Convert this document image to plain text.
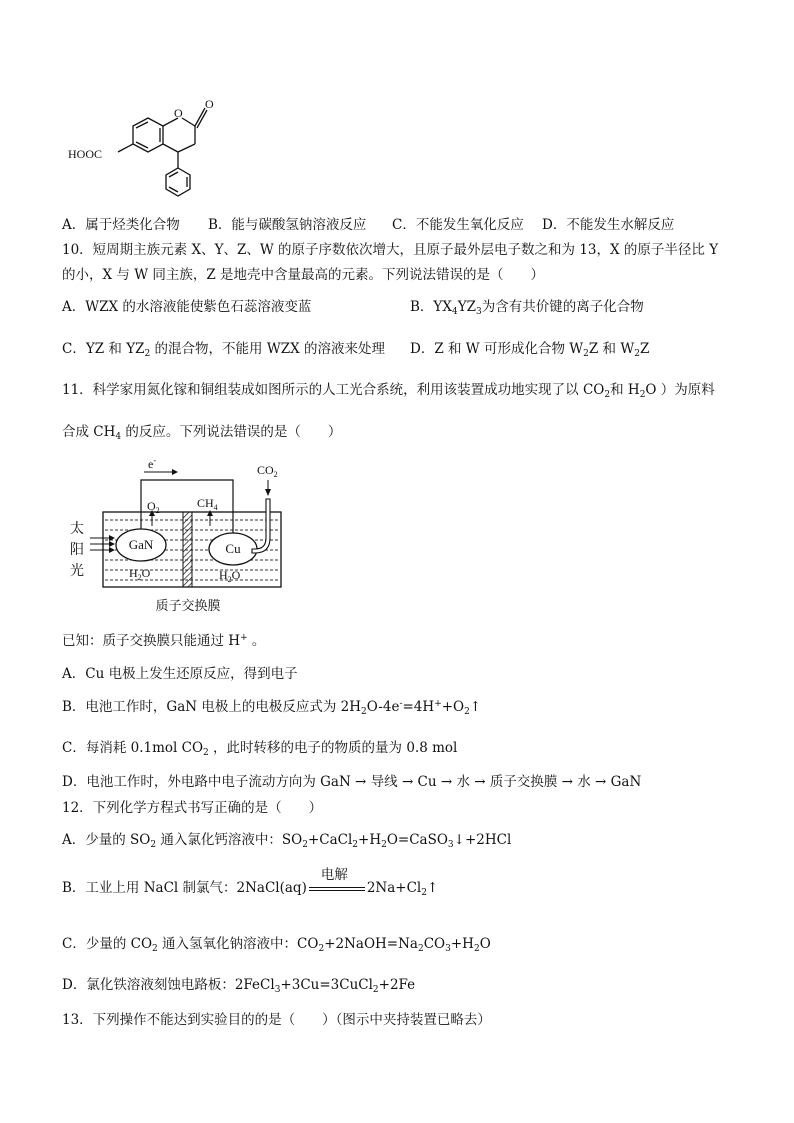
O
O
HOOC
A．属于烃类化合物 B．能与碳酸氢钠溶液反应 C．不能发生氧化反应 D．不能发生水解反应
10．短周期主族元素 X、Y、Z、W 的原子序数依次增大，且原子最外层电子数之和为 13，X 的原子半径比 Y
的小，X 与 W 同主族，Z 是地壳中含量最高的元素。下列说法错误的是（　　）
A．WZX 的水溶液能使紫色石蕊溶液变蓝	B．$YX_4YZ_3$为含有共价键的离子化合物
C．YZ 和 $YZ_2$ 的混合物，不能用 WZX 的溶液来处理 D．Z 和 W 可形成化合物 $W_2Z$ 和 $W_2Z$
11．科学家用氮化镓和铜组装成如图所示的人工光合系统，利用该装置成功地实现了以 $CO_2$和 $H_2O$ ）为原料
合成 $CH_4$ 的反应。下列说法错误的是（　　）
e-
$O_2$
$CH_4$
$CO_2$
太
阳
光
GaN	Cu
$H_2O$	$H_2O$
质子交换膜
已知：质子交换膜只能通过 H+ 。
A．Cu 电极上发生还原反应，得到电子
B．电池工作时，GaN 电极上的电极反应式为 $2H_2O-4e^-=4H^++O_2↑$
C．每消耗 0.1mol $CO_2$ ，此时转移的电子的物质的量为 0.8 mol
D．电池工作时，外电路中电子流动方向为 GaN → 导线 → Cu → 水 → 质子交换膜 → 水 → GaN
12．下列化学方程式书写正确的是（　　）
A．少量的 $SO_2$ 通入氯化钙溶液中：$SO_2+CaCl_2+H_2O=CaSO_3↓+2HCl$
B．工业上用 NaCl 制氯气：2NaCl(aq)
电解
$2Na+Cl_2↑$
C．少量的 $CO_2$ 通入氢氧化钠溶液中：$CO_2+2NaOH=Na_2CO_3+H_2O$
D．氯化铁溶液刻蚀电路板：2FeCl$_3$+3Cu=3CuCl$_2$+2Fe
13．下列操作不能达到实验目的的是（　　）（图示中夹持装置已略去）
